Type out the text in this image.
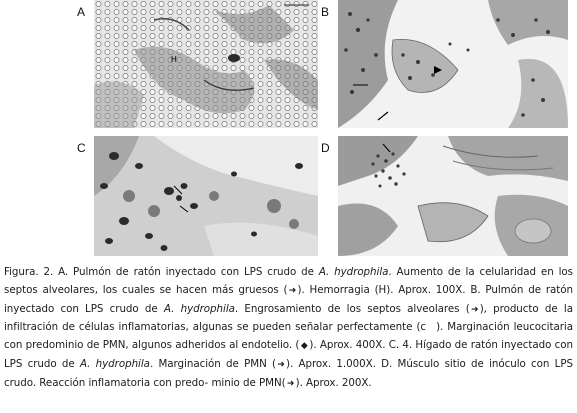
A
H
B
C	D
Figura. 2. A. Pulmón de ratón inyectado con LPS crudo de A. hydrophila. Aumento de la celularidad en los septos alveolares, los cuales se hacen más gruesos (➜). Hemorragia (H). Aprox. 100X. B. Pulmón de ratón inyectado con LPS crudo de A. hydrophila. Engrosamiento de los septos alveolares (➜), producto de la infiltración de células inflamatorias, algunas se pueden señalar perfectamente (c ). Marginación leucocitaria con predominio de PMN, algunos adheridos al endotelio. ( ◆ ). Aprox. 400X. C. 4. Hígado de ratón inyectado con LPS crudo de A. hydrophila. Marginación de PMN (➜). Aprox. 1.000X. D. Músculo sitio de inóculo con LPS crudo. Reacción inflamatoria con predo- minio de PMN(➜). Aprox. 200X.
